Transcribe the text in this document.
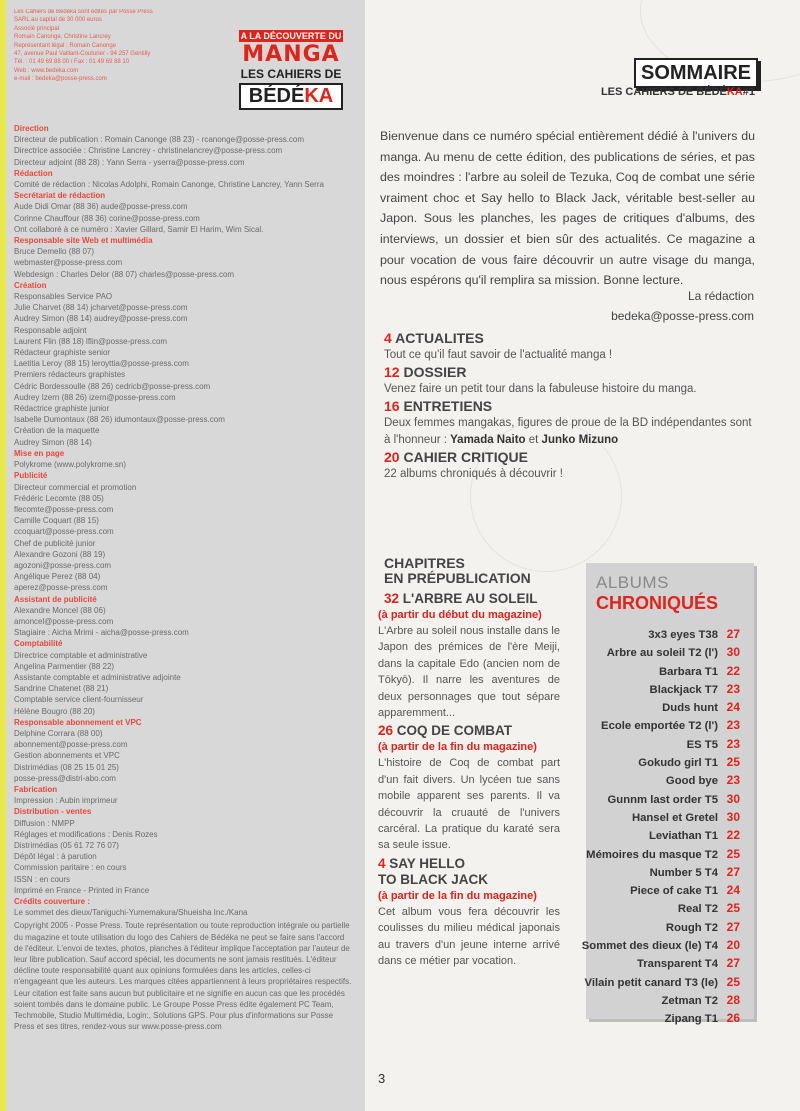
Les Cahiers de Bédéka sont édités par Posse Press
SARL au capital de 30 000 euros
Associé principal
Romain Canonge, Christine Lancrey
Représentant légal : Romain Canonge
47, avenue Paul Vaillant-Couturier - 94 257 Gentilly
Tél. : 01 49 69 88 00 / Fax : 01 49 69 88 10
Web : www.bedeka.com
e-mail : bedeka@posse-press.com
A LA DÉCOUVERTE DU
MANGA
LES CAHIERS DE
BÉDÉKA
Direction
Directeur de publication : Romain Canonge (88 23) - rcanonge@posse-press.com
Directrice associée : Christine Lancrey - christinelancrey@posse-press.com
Directeur adjoint (88 28) : Yann Serra - yserra@posse-press.com
Rédaction
Comité de rédaction : Nicolas Adolphi, Romain Canonge, Christine Lancrey, Yann Serra
Secrétariat de rédaction
Aude Didi Omar (88 36) aude@posse-press.com
Corinne Chauffour (88 36) corine@posse-press.com
Ont collaboré à ce numéro : Xavier Gillard, Samir El Harim, Wim Sical.
Responsable site Web et multimédia
Bruce Demello (88 07)
webmaster@posse-press.com
Webdesign : Charles Delor (88 07) charles@posse-press.com
Création
Responsables Service PAO
Julie Charvet (88 14) jcharvet@posse-press.com
Audrey Simon (88 14) audrey@posse-press.com
Responsable adjoint
Laurent Flin (88 18) lflin@posse-press.com
Rédacteur graphiste senior
Laetitia Leroy (88 15) leroyttia@posse-press.com
Premiers rédacteurs graphistes
Cédric Bordessoulle (88 26) cedricb@posse-press.com
Audrey Izern (88 26) izern@posse-press.com
Rédactrice graphiste junior
Isabelle Dumontaux (88 26) idumontaux@posse-press.com
Création de la maquette
Audrey Simon (88 14)
Mise en page
Polykrome (www.polykrome.sn)
Publicité
Directeur commercial et promotion
Frédéric Lecomte (88 05)
flecomte@posse-press.com
Camille Coquart (88 15)
ccoquart@posse-press.com
Chef de publicité junior
Alexandre Gozoni (88 19)
agozoni@posse-press.com
Angélique Perez (88 04)
aperez@posse-press.com
Assistant de publicité
Alexandre Moncel (88 06)
amoncel@posse-press.com
Stagiaire : Aicha Mrimi - aicha@posse-press.com
Comptabilité
Directrice comptable et administrative
Angelina Parmentier (88 22)
Assistante comptable et administrative adjointe
Sandrine Chatenet (88 21)
Comptable service client-fournisseur
Hélène Bougro (88 20)
Responsable abonnement et VPC
Delphine Corrara (88 00)
abonnement@posse-press.com
Gestion abonnements et VPC
Distrimédias (08 25 15 01 25)
posse-press@distri-abo.com
Fabrication
Impression : Aubin imprimeur
Distribution - ventes
Diffusion : NMPP
Réglages et modifications : Denis Rozes
Distrimédias (05 61 72 76 07)
Dépôt légal : à parution
Commission paritaire : en cours
ISSN : en cours
Imprimé en France - Printed in France
Crédits couverture :
Le sommet des dieux/Taniguchi-Yumemakura/Shueisha Inc./Kana
Copyright 2005 - Posse Press. Toute représentation ou toute reproduction intégrale ou partielle du magazine et toute utilisation du logo des Cahiers de Bédéka ne peut se faire sans l'accord de l'éditeur. L'envoi de textes, photos, planches à l'éditeur implique l'acceptation par l'auteur de leur libre publication. Sauf accord spécial, les documents ne sont jamais restitués. L'éditeur décline toute responsabilité quant aux opinions formulées dans les articles, celles-ci n'engageant que les auteurs. Les marques citées appartiennent à leurs propriétaires respectifs. Leur citation est faite sans aucun but publicitaire et ne signifie en aucun cas que les procédés soient tombés dans le domaine public. Le Groupe Posse Press édite également PC Team, Techmobile, Studio Multimédia, Login:, Solutions GPS. Pour plus d'informations sur Posse Press et ses titres, rendez-vous sur www.posse-press.com
SOMMAIRE
LES CAHIERS DE BÉDÉKA#1
Bienvenue dans ce numéro spécial entièrement dédié à l'univers du manga. Au menu de cette édition, des publications de séries, et pas des moindres : l'arbre au soleil de Tezuka, Coq de combat une série vraiment choc et Say hello to Black Jack, véritable best-seller au Japon. Sous les planches, les pages de critiques d'albums, des interviews, un dossier et bien sûr des actualités. Ce magazine a pour vocation de vous faire découvrir un autre visage du manga, nous espérons qu'il remplira sa mission. Bonne lecture.
La rédaction
bedeka@posse-press.com
4 ACTUALITES
Tout ce qu'il faut savoir de l'actualité manga !
12 DOSSIER
Venez faire un petit tour dans la fabuleuse histoire du manga.
16 ENTRETIENS
Deux femmes mangakas, figures de proue de la BD indépendantes sont à l'honneur : Yamada Naito et Junko Mizuno
20 CAHIER CRITIQUE
22 albums chroniqués à découvrir !
CHAPITRES
EN PRÉPUBLICATION
32 L'ARBRE AU SOLEIL
(à partir du début du magazine)
L'Arbre au soleil nous installe dans le Japon des prémices de l'ère Meiji, dans la capitale Edo (ancien nom de Tōkyō). Il narre les aventures de deux personnages que tout sépare apparemment...
26 COQ DE COMBAT
(à partir de la fin du magazine)
L'histoire de Coq de combat part d'un fait divers. Un lycéen tue sans mobile apparent ses parents. Il va découvrir la cruauté de l'univers carcéral. La pratique du karaté sera sa seule issue.
4 SAY HELLO
TO BLACK JACK
(à partir de la fin du magazine)
Cet album vous fera découvrir les coulisses du milieu médical japonais au travers d'un jeune interne arrivé dans ce métier par vocation.
ALBUMS
CHRONIQUÉS
3x3 eyes T38 27
Arbre au soleil T2 (l') 30
Barbara T1 22
Blackjack T7 23
Duds hunt 24
Ecole emportée T2 (l') 23
ES T5 23
Gokudo girl T1 25
Good bye 23
Gunnm last order T5 30
Hansel et Gretel 30
Leviathan T1 22
Mémoires du masque T2 25
Number 5 T4 27
Piece of cake T1 24
Real T2 25
Rough T2 27
Sommet des dieux (le) T4 20
Transparent T4 27
Vilain petit canard T3 (le) 25
Zetman T2 28
Zipang T1 26
3
